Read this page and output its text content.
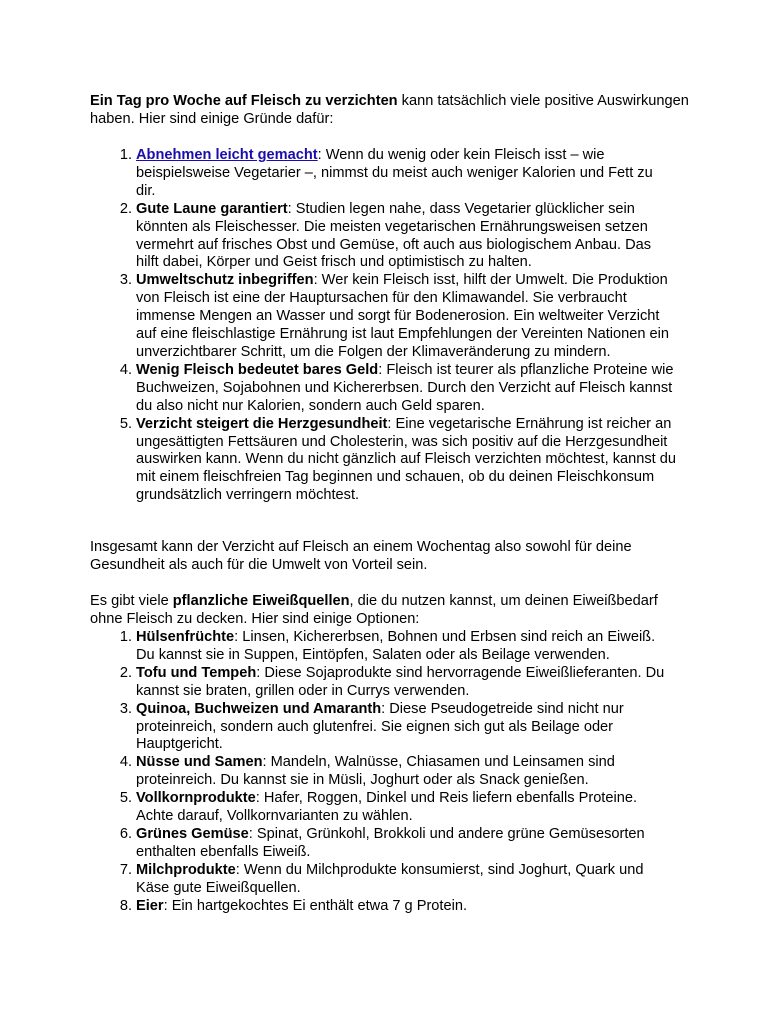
Ein Tag pro Woche auf Fleisch zu verzichten kann tatsächlich viele positive Auswirkungen haben. Hier sind einige Gründe dafür:

1. Abnehmen leicht gemacht: Wenn du wenig oder kein Fleisch isst – wie beispielsweise Vegetarier –, nimmst du meist auch weniger Kalorien und Fett zu dir.
2. Gute Laune garantiert: Studien legen nahe, dass Vegetarier glücklicher sein könnten als Fleischesser. Die meisten vegetarischen Ernährungsweisen setzen vermehrt auf frisches Obst und Gemüse, oft auch aus biologischem Anbau. Das hilft dabei, Körper und Geist frisch und optimistisch zu halten.
3. Umweltschutz inbegriffen: Wer kein Fleisch isst, hilft der Umwelt. Die Produktion von Fleisch ist eine der Hauptursachen für den Klimawandel. Sie verbraucht immense Mengen an Wasser und sorgt für Bodenerosion. Ein weltweiter Verzicht auf eine fleischlastige Ernährung ist laut Empfehlungen der Vereinten Nationen ein unverzichtbarer Schritt, um die Folgen der Klimaveränderung zu mindern.
4. Wenig Fleisch bedeutet bares Geld: Fleisch ist teurer als pflanzliche Proteine wie Buchweizen, Sojabohnen und Kichererbsen. Durch den Verzicht auf Fleisch kannst du also nicht nur Kalorien, sondern auch Geld sparen.
5. Verzicht steigert die Herzgesundheit: Eine vegetarische Ernährung ist reicher an ungesättigten Fettsäuren und Cholesterin, was sich positiv auf die Herzgesundheit auswirken kann. Wenn du nicht gänzlich auf Fleisch verzichten möchtest, kannst du mit einem fleischfreien Tag beginnen und schauen, ob du deinen Fleischkonsum grundsätzlich verringern möchtest.

Insgesamt kann der Verzicht auf Fleisch an einem Wochentag also sowohl für deine Gesundheit als auch für die Umwelt von Vorteil sein.

Es gibt viele pflanzliche Eiweißquellen, die du nutzen kannst, um deinen Eiweißbedarf ohne Fleisch zu decken. Hier sind einige Optionen:

1. Hülsenfrüchte: Linsen, Kichererbsen, Bohnen und Erbsen sind reich an Eiweiß. Du kannst sie in Suppen, Eintöpfen, Salaten oder als Beilage verwenden.
2. Tofu und Tempeh: Diese Sojaprodukte sind hervorragende Eiweißlieferanten. Du kannst sie braten, grillen oder in Currys verwenden.
3. Quinoa, Buchweizen und Amaranth: Diese Pseudogetreide sind nicht nur proteinreich, sondern auch glutenfrei. Sie eignen sich gut als Beilage oder Hauptgericht.
4. Nüsse und Samen: Mandeln, Walnüsse, Chiasamen und Leinsamen sind proteinreich. Du kannst sie in Müsli, Joghurt oder als Snack genießen.
5. Vollkornprodukte: Hafer, Roggen, Dinkel und Reis liefern ebenfalls Proteine. Achte darauf, Vollkornvarianten zu wählen.
6. Grünes Gemüse: Spinat, Grünkohl, Brokkoli und andere grüne Gemüsesorten enthalten ebenfalls Eiweiß.
7. Milchprodukte: Wenn du Milchprodukte konsumierst, sind Joghurt, Quark und Käse gute Eiweißquellen.
8. Eier: Ein hartgekochtes Ei enthält etwa 7 g Protein.
